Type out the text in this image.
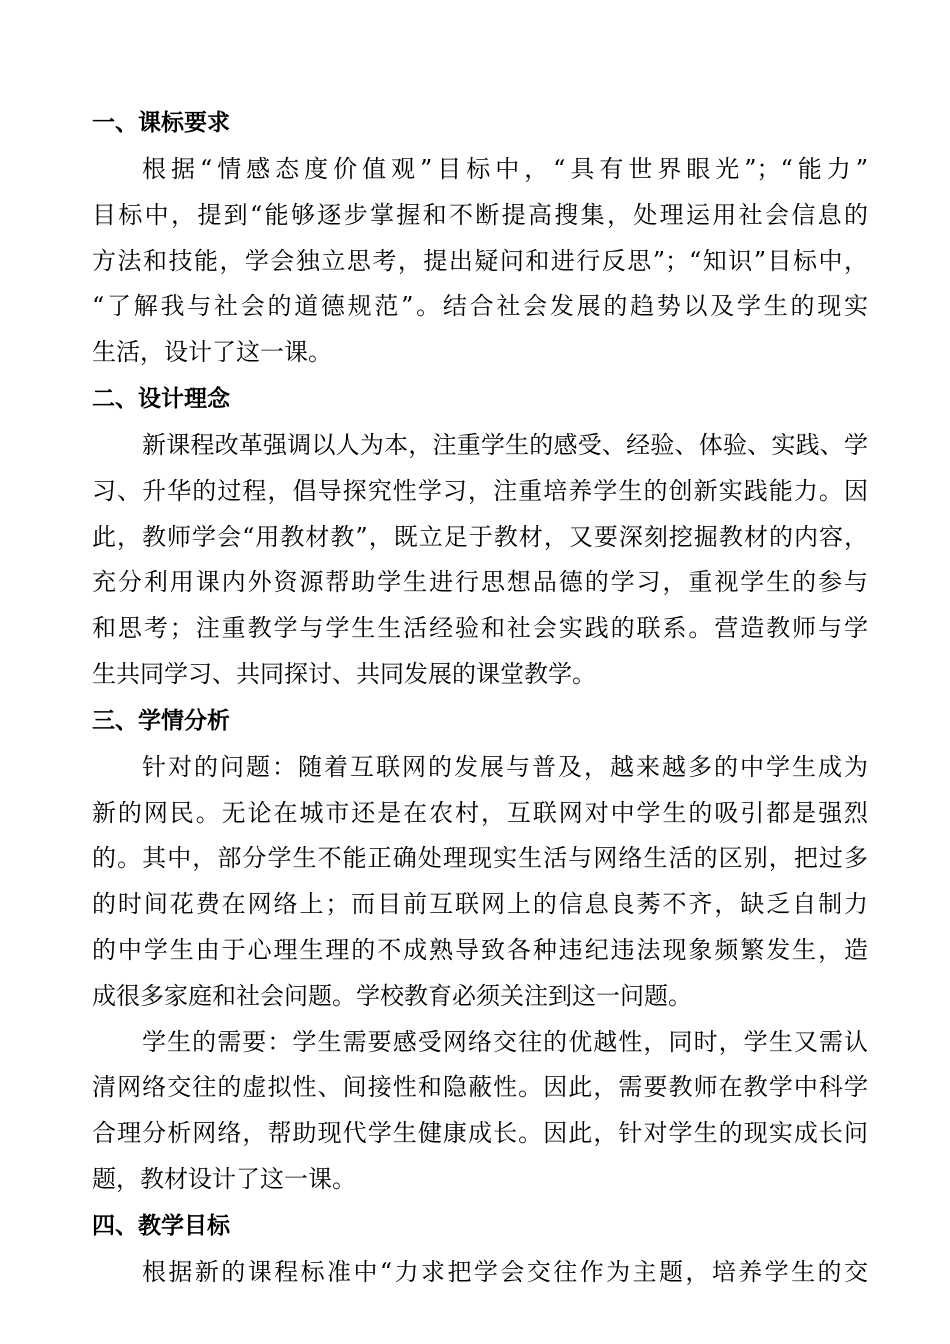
一、课标要求
根据“情感态度价值观”目标中，“具有世界眼光”；“能力”
目标中，提到“能够逐步掌握和不断提高搜集，处理运用社会信息的
方法和技能，学会独立思考，提出疑问和进行反思”；“知识”目标中，
“了解我与社会的道德规范”。结合社会发展的趋势以及学生的现实
生活，设计了这一课。
二、设计理念
新课程改革强调以人为本，注重学生的感受、经验、体验、实践、学
习、升华的过程，倡导探究性学习，注重培养学生的创新实践能力。因
此，教师学会“用教材教”，既立足于教材，又要深刻挖掘教材的内容，
充分利用课内外资源帮助学生进行思想品德的学习，重视学生的参与
和思考；注重教学与学生生活经验和社会实践的联系。营造教师与学
生共同学习、共同探讨、共同发展的课堂教学。
三、学情分析
针对的问题：随着互联网的发展与普及，越来越多的中学生成为
新的网民。无论在城市还是在农村，互联网对中学生的吸引都是强烈
的。其中，部分学生不能正确处理现实生活与网络生活的区别，把过多
的时间花费在网络上；而目前互联网上的信息良莠不齐，缺乏自制力
的中学生由于心理生理的不成熟导致各种违纪违法现象频繁发生，造
成很多家庭和社会问题。学校教育必须关注到这一问题。
学生的需要：学生需要感受网络交往的优越性，同时，学生又需认
清网络交往的虚拟性、间接性和隐蔽性。因此，需要教师在教学中科学
合理分析网络，帮助现代学生健康成长。因此，针对学生的现实成长问
题，教材设计了这一课。
四、教学目标
根据新的课程标准中“力求把学会交往作为主题，培养学生的交
